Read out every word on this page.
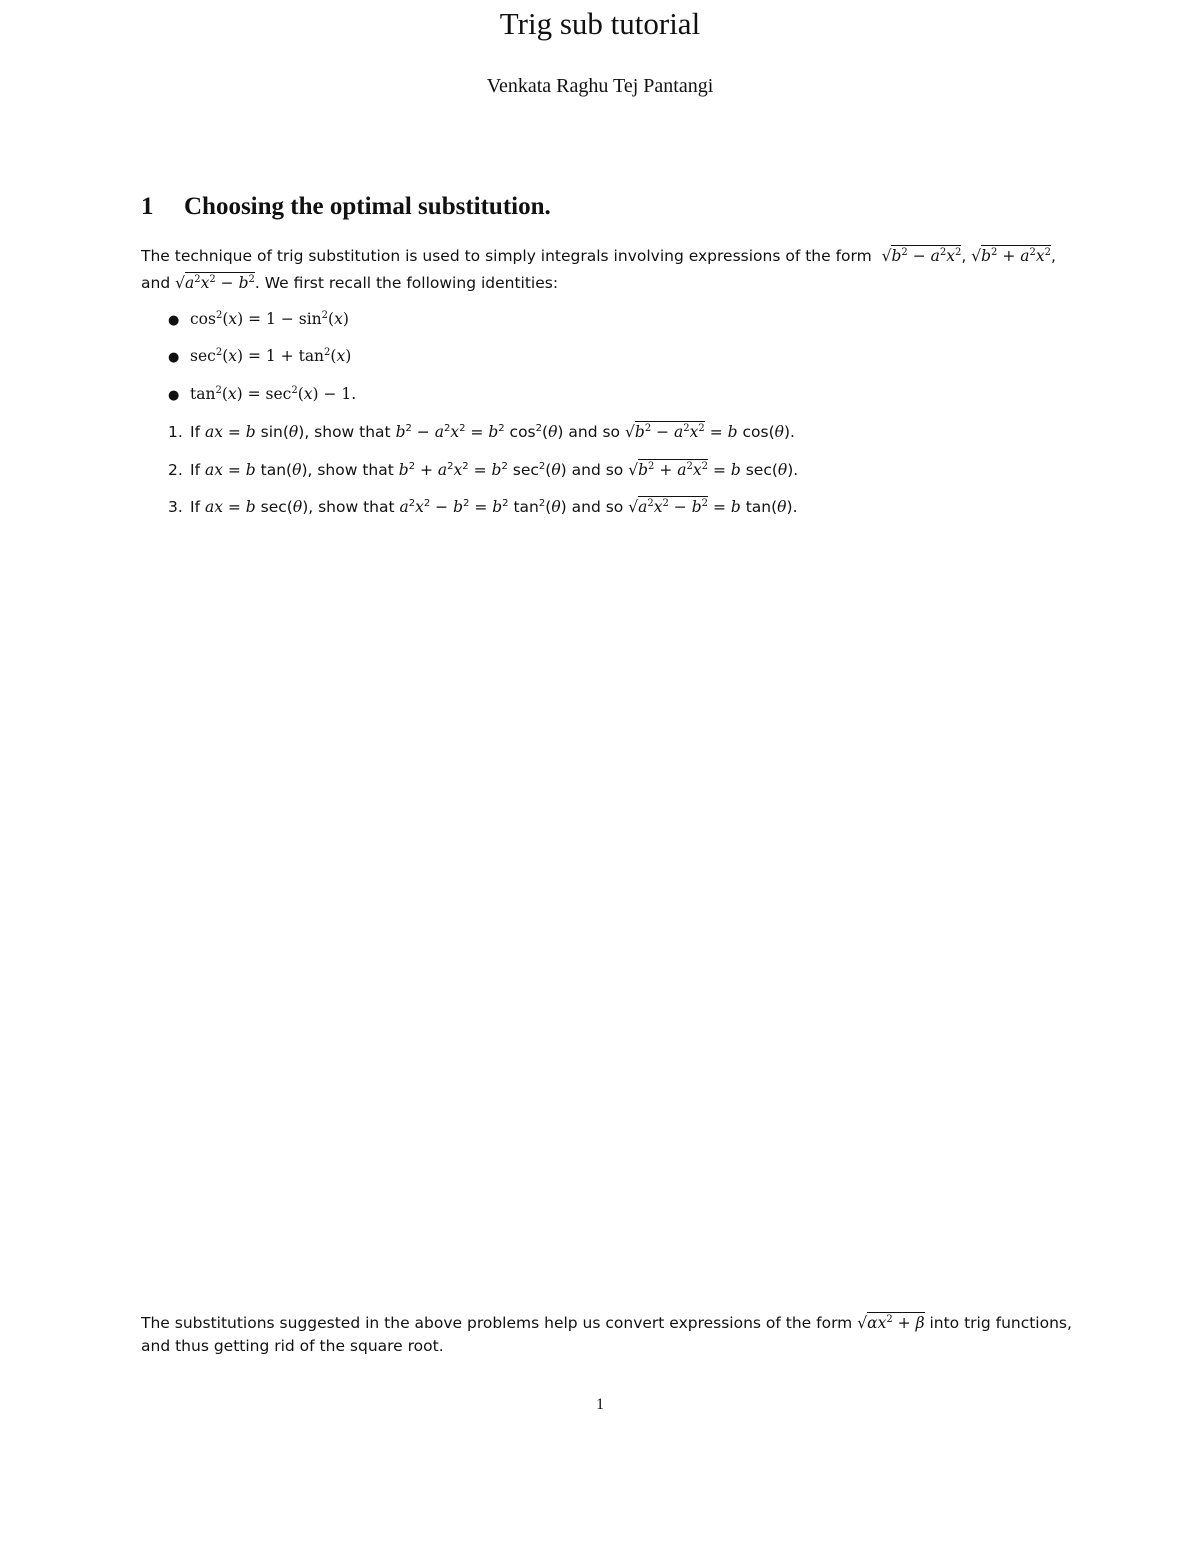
Trig sub tutorial
Venkata Raghu Tej Pantangi
1 Choosing the optimal substitution.
The technique of trig substitution is used to simply integrals involving expressions of the form $√b^2 - a^2x^2$, $√b^2 + a^2x^2$,
and $√a^2x^2 - b^2$. We first recall the following identities:
● $\cos^2(x) = 1 - \sin^2(x)$
● $\sec^2(x) = 1 + \tan^2(x)$
● $\tan^2(x) = \sec^2(x) - 1$.
1. If ax = b sin(θ), show that $b^2 - a^2x^2 = b^2$ $\cos^2(\theta)$ and so $√b^2 - a^2x^2 = b$ cos(θ).
2. If ax = b tan(θ), show that $b^2 + a^2x^2 = b^2$ $\sec^2(\theta)$ and so $√b^2 + a^2x^2 = b$ sec(θ).
3. If ax = b sec(θ), show that $a^2x^2 - b^2 = b^2$ $\tan^2(\theta)$ and so $√a^2x^2 - b^2 = b$ tan(θ).
The substitutions suggested in the above problems help us convert expressions of the form $√\alpha x^2 + \beta$ into trig functions,
and thus getting rid of the square root.
1
